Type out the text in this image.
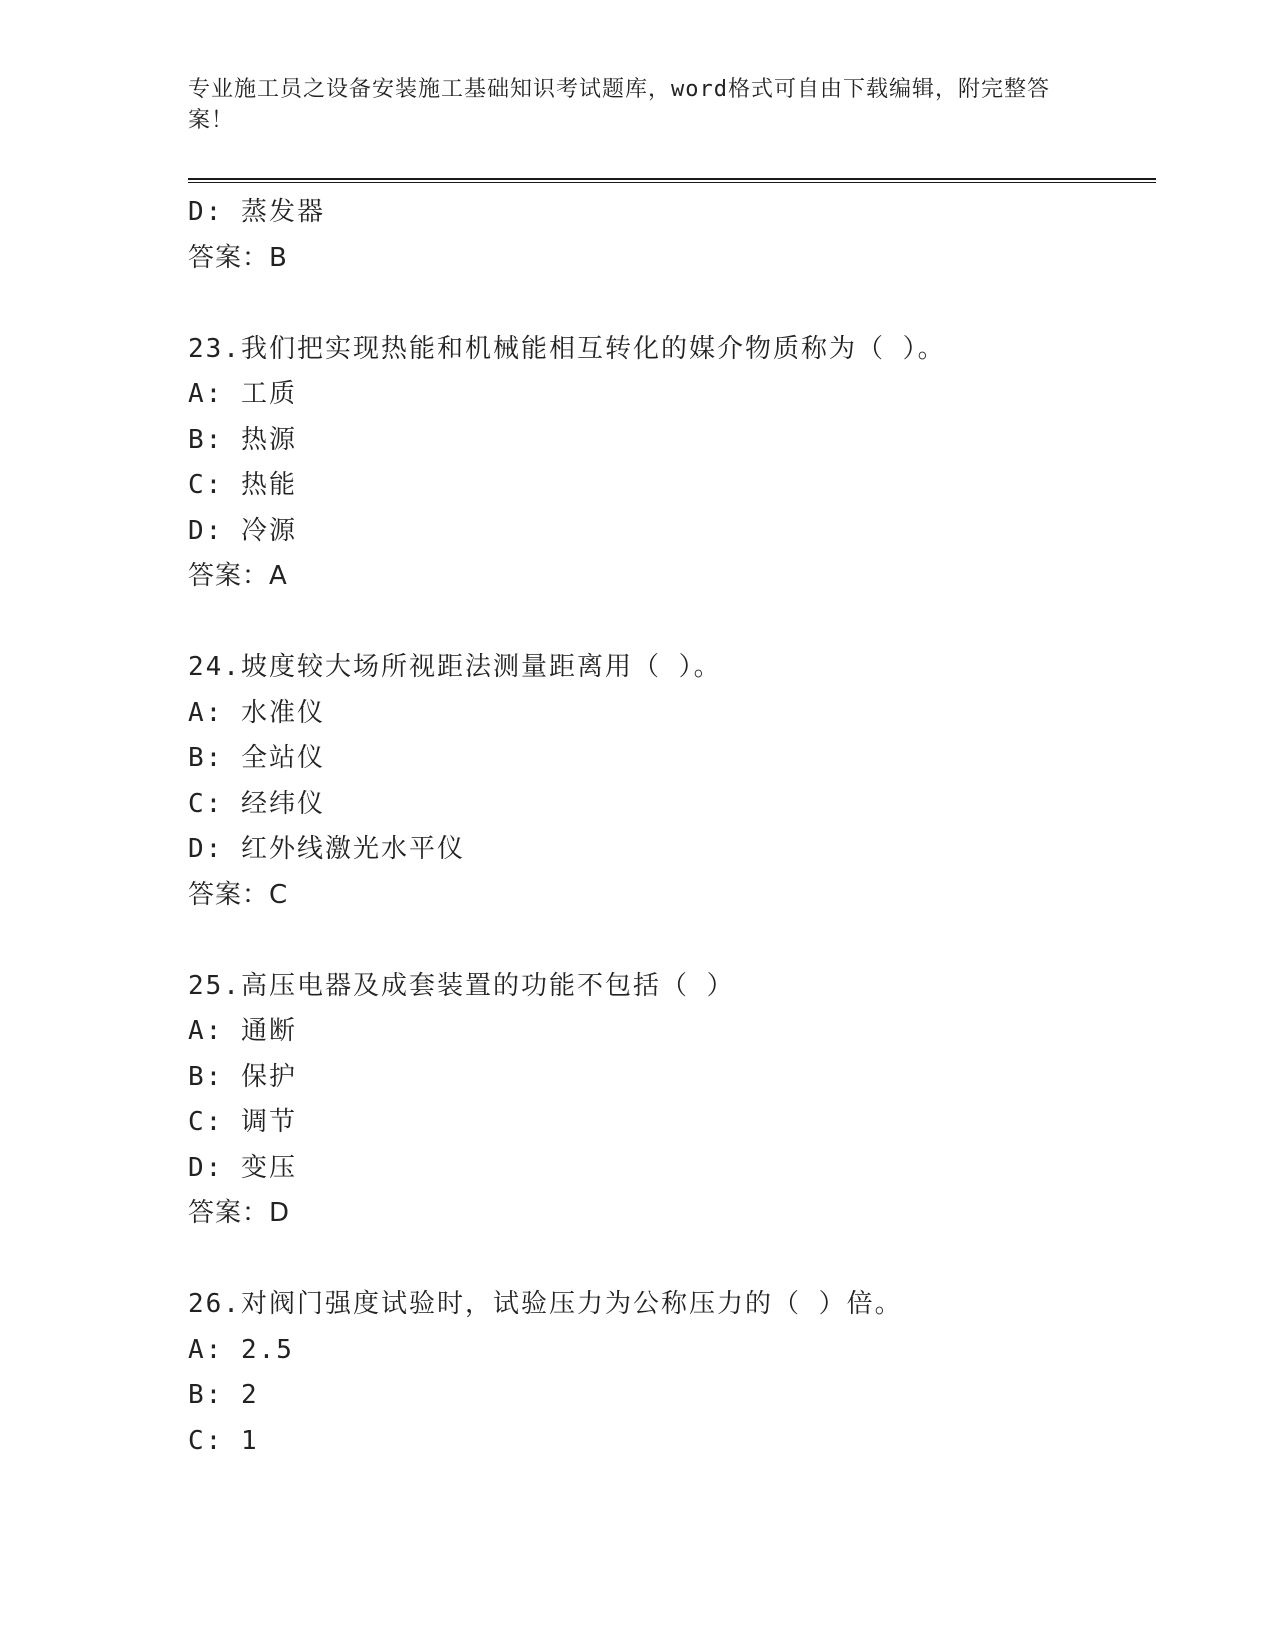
专业施工员之设备安装施工基础知识考试题库，word格式可自由下载编辑，附完整答案！
D: 蒸发器
答案：B
23.我们把实现热能和机械能相互转化的媒介物质称为（ ）。
A: 工质
B: 热源
C: 热能
D: 冷源
答案：A
24.坡度较大场所视距法测量距离用（ ）。
A: 水准仪
B: 全站仪
C: 经纬仪
D: 红外线激光水平仪
答案：C
25.高压电器及成套装置的功能不包括（ ）
A: 通断
B: 保护
C: 调节
D: 变压
答案：D
26.对阀门强度试验时，试验压力为公称压力的（ ）倍。
A: 2.5
B: 2
C: 1
